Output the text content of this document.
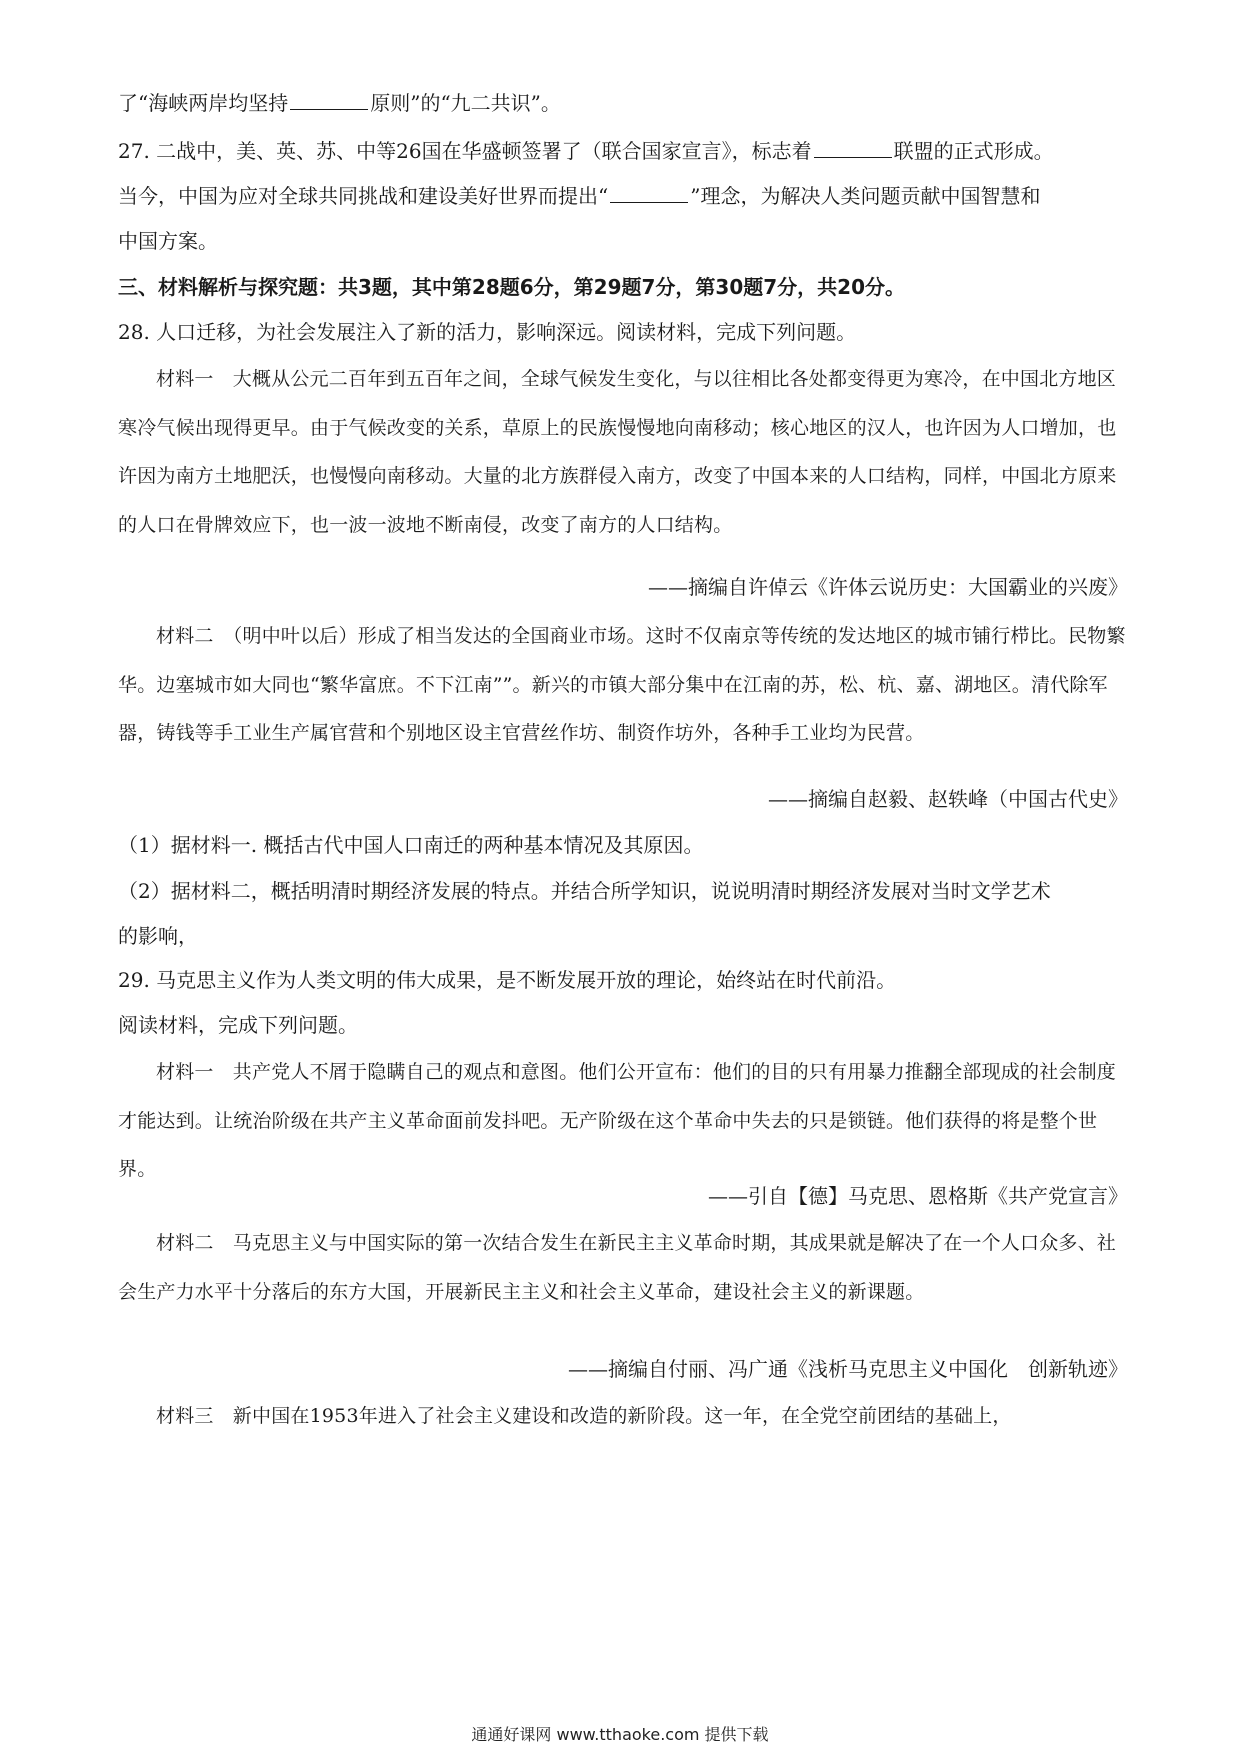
了“海峡两岸均坚持	原则”的“九二共识”。
27. 二战中，美、英、苏、中等26国在华盛顿签署了（联合国家宣言》，标志着	联盟的正式形成。
当今，中国为应对全球共同挑战和建设美好世界而提出“	”理念，为解决人类问题贡献中国智慧和
中国方案。
三、材料解析与探究题：共3题，其中第28题6分，第29题7分，第30题7分，共20分。
28. 人口迁移，为社会发展注入了新的活力，影响深远。阅读材料，完成下列问题。
材料一　大概从公元二百年到五百年之间，全球气候发生变化，与以往相比各处都变得更为寒冷，在中国北方地区寒冷气候出现得更早。由于气候改变的关系，草原上的民族慢慢地向南移动；核心地区的汉人，也许因为人口增加，也许因为南方土地肥沃，也慢慢向南移动。大量的北方族群侵入南方，改变了中国本来的人口结构，同样，中国北方原来的人口在骨牌效应下，也一波一波地不断南侵，改变了南方的人口结构。
——摘编自许倬云《许体云说历史：大国霸业的兴废》
材料二　（明中叶以后）形成了相当发达的全国商业市场。这时不仅南京等传统的发达地区的城市铺行栉比。民物繁华。边塞城市如大同也“繁华富庶。不下江南””。新兴的市镇大部分集中在江南的苏，松、杭、嘉、湖地区。清代除军器，铸钱等手工业生产属官营和个别地区设主官营丝作坊、制资作坊外，各种手工业均为民营。
——摘编自赵毅、赵轶峰（中国古代史》
（1）据材料一. 概括古代中国人口南迁的两种基本情况及其原因。
（2）据材料二，概括明清时期经济发展的特点。并结合所学知识，说说明清时期经济发展对当时文学艺术
的影响，
29. 马克思主义作为人类文明的伟大成果，是不断发展开放的理论，始终站在时代前沿。
阅读材料，完成下列问题。
材料一　共产党人不屑于隐瞒自己的观点和意图。他们公开宣布：他们的目的只有用暴力推翻全部现成的社会制度才能达到。让统治阶级在共产主义革命面前发抖吧。无产阶级在这个革命中失去的只是锁链。他们获得的将是整个世界。
——引自【德】马克思、恩格斯《共产党宣言》
材料二　马克思主义与中国实际的第一次结合发生在新民主主义革命时期，其成果就是解决了在一个人口众多、社会生产力水平十分落后的东方大国，开展新民主主义和社会主义革命，建设社会主义的新课题。
——摘编自付丽、冯广通《浅析马克思主义中国化　创新轨迹》
材料三　新中国在1953年进入了社会主义建设和改造的新阶段。这一年，在全党空前团结的基础上，
通通好课网 www.tthaoke.com 提供下载
